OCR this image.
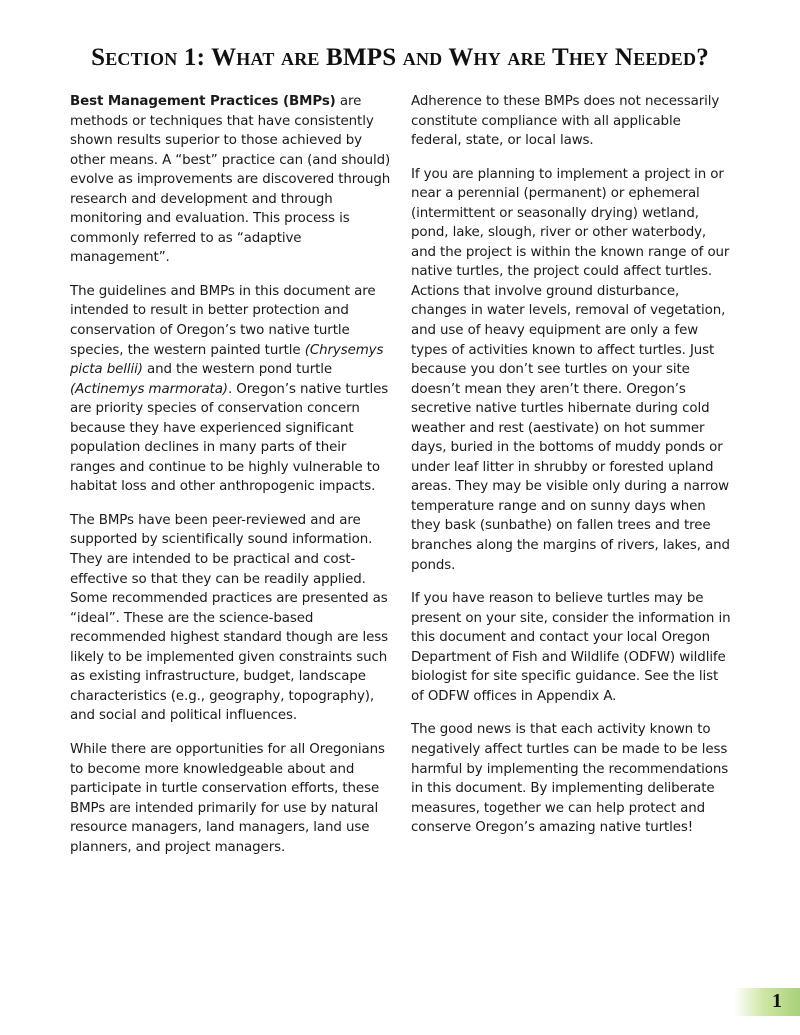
Section 1: What are BMPS and Why are They Needed?

Best Management Practices (BMPs) are methods or techniques that have consistently shown results superior to those achieved by other means. A “best” practice can (and should) evolve as improvements are discovered through research and development and through monitoring and evaluation. This process is commonly referred to as “adaptive management”.

The guidelines and BMPs in this document are intended to result in better protection and conservation of Oregon’s two native turtle species, the western painted turtle (Chrysemys picta bellii) and the western pond turtle (Actinemys marmorata). Oregon’s native turtles are priority species of conservation concern because they have experienced significant population declines in many parts of their ranges and continue to be highly vulnerable to habitat loss and other anthropogenic impacts.

The BMPs have been peer-reviewed and are supported by scientifically sound information. They are intended to be practical and cost-effective so that they can be readily applied. Some recommended practices are presented as “ideal”. These are the science-based recommended highest standard though are less likely to be implemented given constraints such as existing infrastructure, budget, landscape characteristics (e.g., geography, topography), and social and political influences.

While there are opportunities for all Oregonians to become more knowledgeable about and participate in turtle conservation efforts, these BMPs are intended primarily for use by natural resource managers, land managers, land use planners, and project managers.

Adherence to these BMPs does not necessarily constitute compliance with all applicable federal, state, or local laws.

If you are planning to implement a project in or near a perennial (permanent) or ephemeral (intermittent or seasonally drying) wetland, pond, lake, slough, river or other waterbody, and the project is within the known range of our native turtles, the project could affect turtles. Actions that involve ground disturbance, changes in water levels, removal of vegetation, and use of heavy equipment are only a few types of activities known to affect turtles. Just because you don’t see turtles on your site doesn’t mean they aren’t there. Oregon’s secretive native turtles hibernate during cold weather and rest (aestivate) on hot summer days, buried in the bottoms of muddy ponds or under leaf litter in shrubby or forested upland areas. They may be visible only during a narrow temperature range and on sunny days when they bask (sunbathe) on fallen trees and tree branches along the margins of rivers, lakes, and ponds.

If you have reason to believe turtles may be present on your site, consider the information in this document and contact your local Oregon Department of Fish and Wildlife (ODFW) wildlife biologist for site specific guidance. See the list of ODFW offices in Appendix A.

The good news is that each activity known to negatively affect turtles can be made to be less harmful by implementing the recommendations in this document. By implementing deliberate measures, together we can help protect and conserve Oregon’s amazing native turtles!

1
